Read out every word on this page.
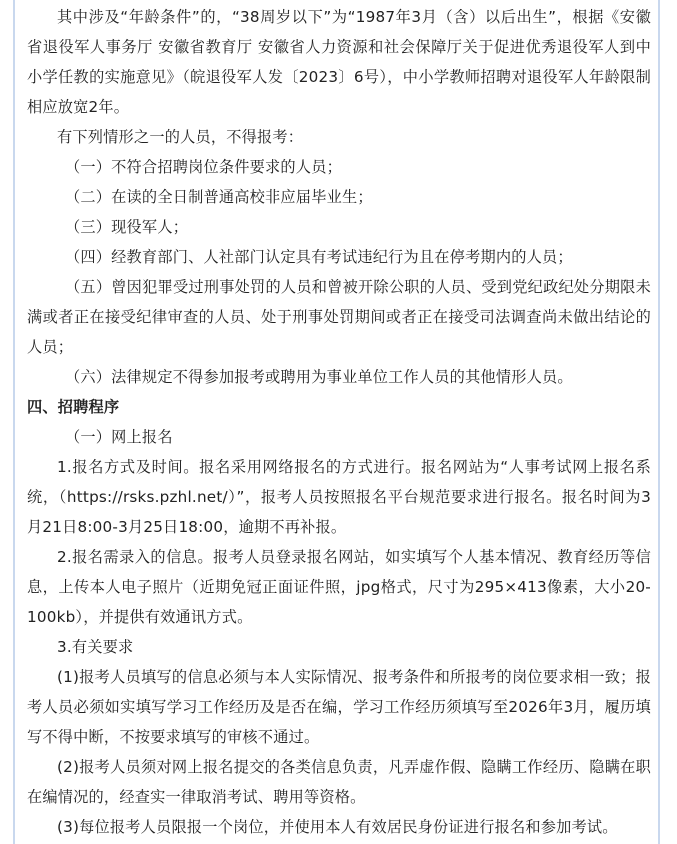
其中涉及“年龄条件”的，“38周岁以下”为“1987年3月（含）以后出生”，根据《安徽省退役军人事务厅 安徽省教育厅 安徽省人力资源和社会保障厅关于促进优秀退役军人到中小学任教的实施意见》（皖退役军人发〔2023〕6号），中小学教师招聘对退役军人年龄限制相应放宽2年。

有下列情形之一的人员，不得报考：

（一）不符合招聘岗位条件要求的人员；

（二）在读的全日制普通高校非应届毕业生；

（三）现役军人；

（四）经教育部门、人社部门认定具有考试违纪行为且在停考期内的人员；

（五）曾因犯罪受过刑事处罚的人员和曾被开除公职的人员、受到党纪政纪处分期限未满或者正在接受纪律审查的人员、处于刑事处罚期间或者正在接受司法调查尚未做出结论的人员；

（六）法律规定不得参加报考或聘用为事业单位工作人员的其他情形人员。

四、招聘程序

（一）网上报名

1.报名方式及时间。报名采用网络报名的方式进行。报名网站为“人事考试网上报名系统，（https://rsks.pzhl.net/）”，报考人员按照报名平台规范要求进行报名。报名时间为3月21日8:00-3月25日18:00，逾期不再补报。

2.报名需录入的信息。报考人员登录报名网站，如实填写个人基本情况、教育经历等信息，上传本人电子照片（近期免冠正面证件照，jpg格式，尺寸为295×413像素，大小20-100kb），并提供有效通讯方式。

3.有关要求

(1)报考人员填写的信息必须与本人实际情况、报考条件和所报考的岗位要求相一致；报考人员必须如实填写学习工作经历及是否在编，学习工作经历须填写至2026年3月，履历填写不得中断，不按要求填写的审核不通过。

(2)报考人员须对网上报名提交的各类信息负责，凡弄虚作假、隐瞒工作经历、隐瞒在职在编情况的，经查实一律取消考试、聘用等资格。

(3)每位报考人员限报一个岗位，并使用本人有效居民身份证进行报名和参加考试。
